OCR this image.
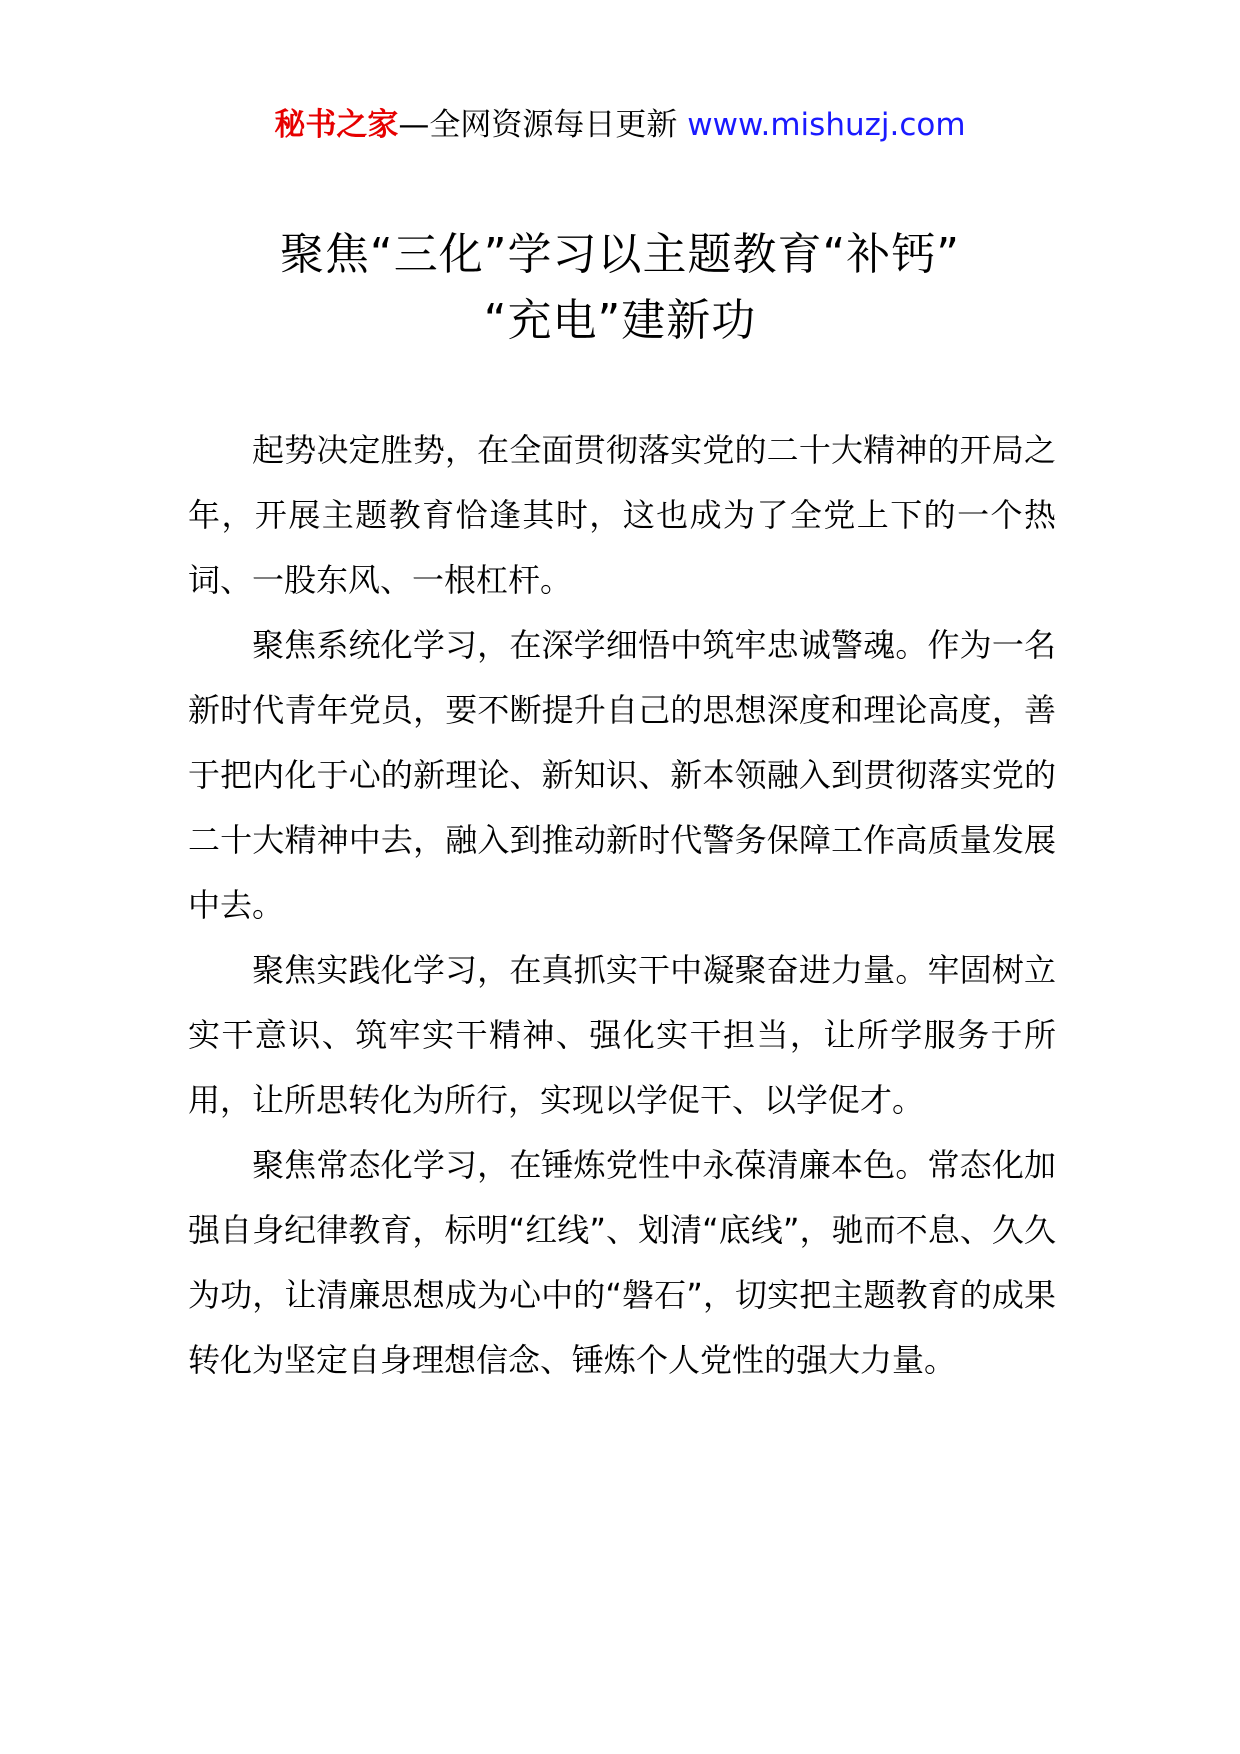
秘书之家—全网资源每日更新 www.mishuzj.com
聚焦“三化”学习以主题教育“补钙”
“充电”建新功

起势决定胜势，在全面贯彻落实党的二十大精神的开局之年，开展主题教育恰逢其时，这也成为了全党上下的一个热词、一股东风、一根杠杆。

聚焦系统化学习，在深学细悟中筑牢忠诚警魂。作为一名新时代青年党员，要不断提升自己的思想深度和理论高度，善于把内化于心的新理论、新知识、新本领融入到贯彻落实党的二十大精神中去，融入到推动新时代警务保障工作高质量发展中去。

聚焦实践化学习，在真抓实干中凝聚奋进力量。牢固树立实干意识、筑牢实干精神、强化实干担当，让所学服务于所用，让所思转化为所行，实现以学促干、以学促才。

聚焦常态化学习，在锤炼党性中永葆清廉本色。常态化加强自身纪律教育，标明“红线”、划清“底线”，驰而不息、久久为功，让清廉思想成为心中的“磐石”，切实把主题教育的成果转化为坚定自身理想信念、锤炼个人党性的强大力量。
